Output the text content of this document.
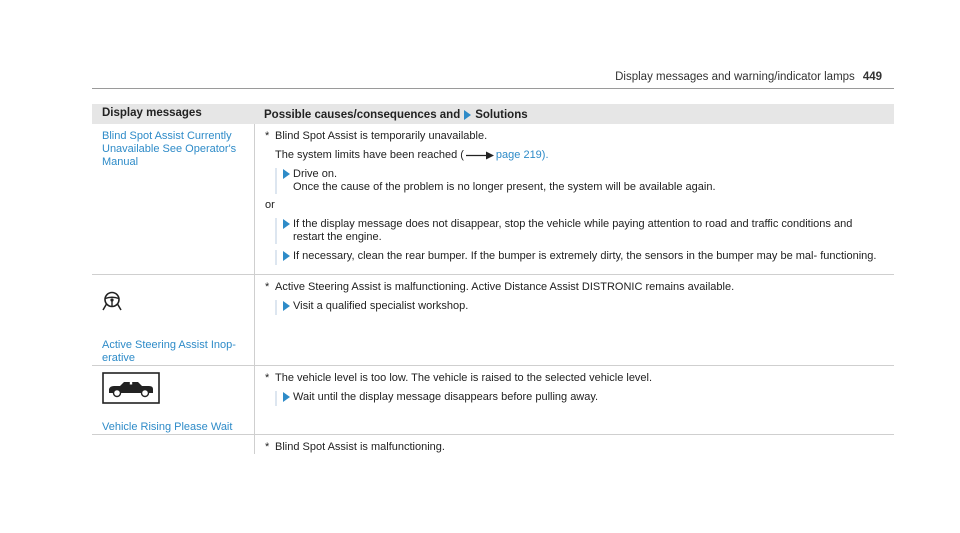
Display messages and warning/indicator lamps 449
Display messages	Possible causes/consequences and Solutions
Blind Spot Assist Currently Unavailable See Operator's Manual
* Blind Spot Assist is temporarily unavailable.
The system limits have been reached (	page 219).
Drive on.
Once the cause of the problem is no longer present, the system will be available again.
or
If the display message does not disappear, stop the vehicle while paying attention to road and traffic conditions and restart the engine.
If necessary, clean the rear bumper. If the bumper is extremely dirty, the sensors in the bumper may be mal- functioning.
Active Steering Assist Inop- erative
* Active Steering Assist is malfunctioning. Active Distance Assist DISTRONIC remains available.
Visit a qualified specialist workshop.
Vehicle Rising Please Wait
* The vehicle level is too low. The vehicle is raised to the selected vehicle level.
Wait until the display message disappears before pulling away.
* Blind Spot Assist is malfunctioning.
